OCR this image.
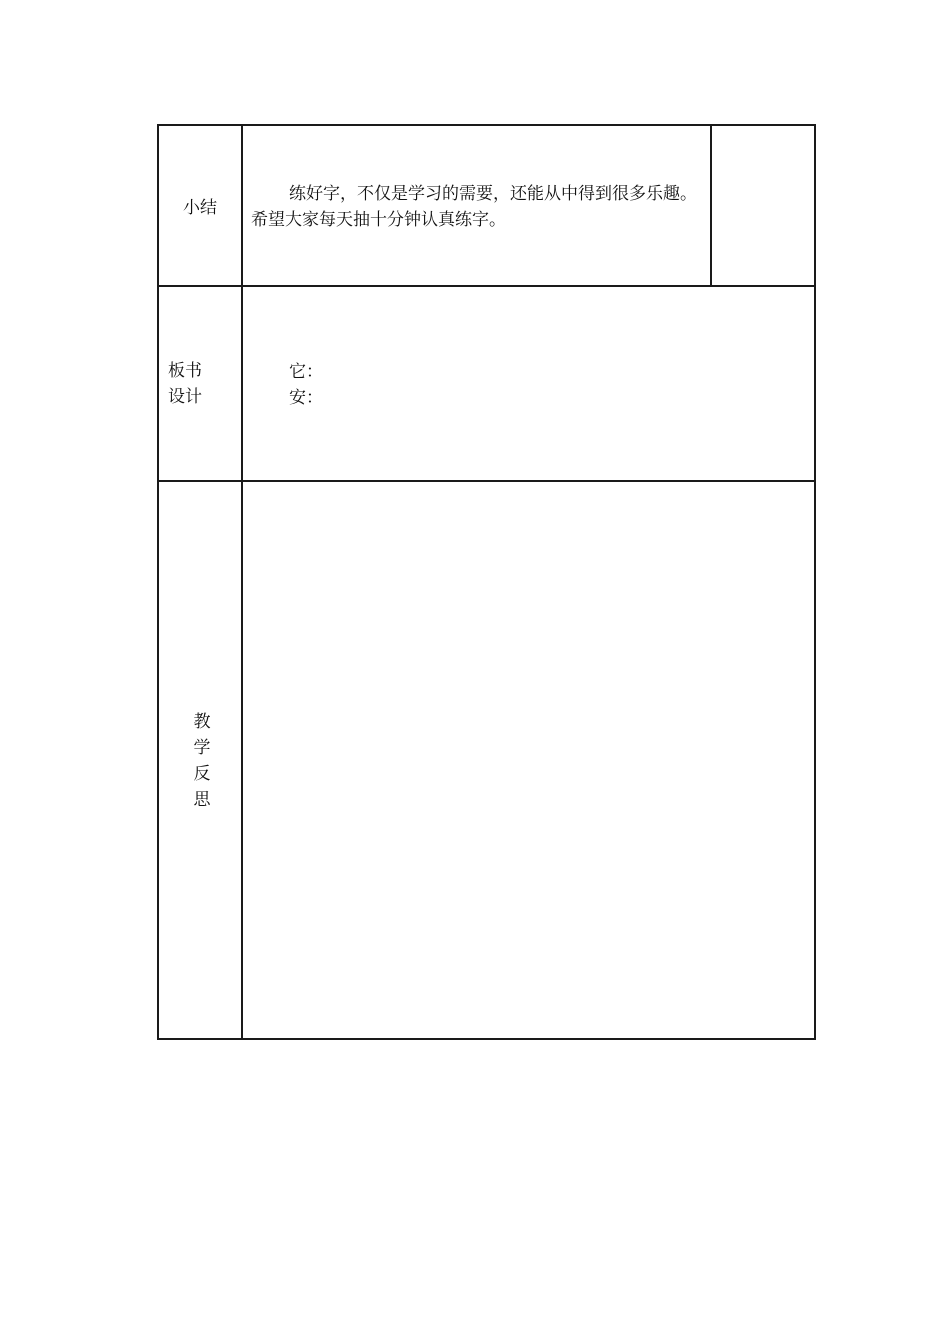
小结
练好字，不仅是学习的需要，还能从中得到很多乐趣。希望大家每天抽十分钟认真练字。
板书
设计
它：
安：
教
学
反
思
